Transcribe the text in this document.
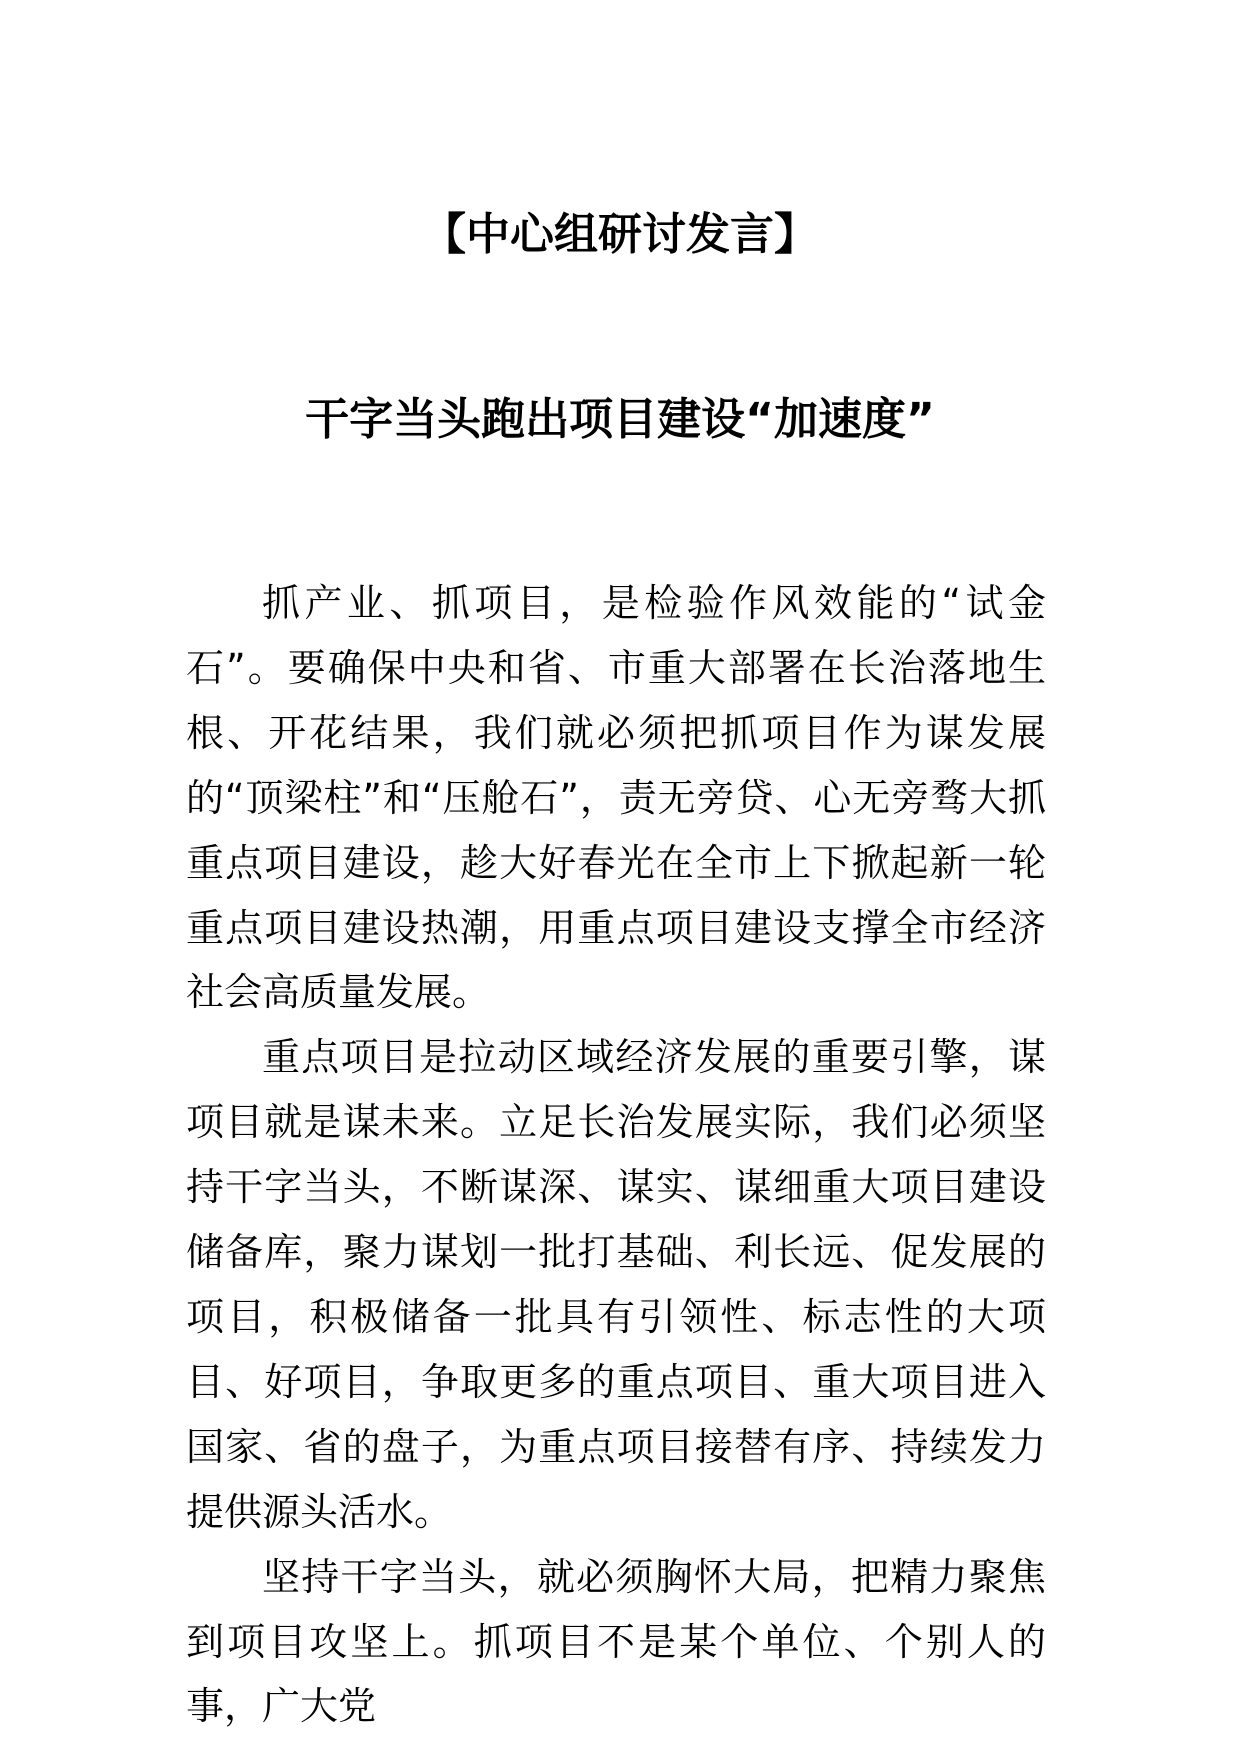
【中心组研讨发言】
干字当头跑出项目建设“加速度”

抓产业、抓项目，是检验作风效能的“试金石”。要确保中央和省、市重大部署在长治落地生根、开花结果，我们就必须把抓项目作为谋发展的“顶梁柱”和“压舱石”，责无旁贷、心无旁骛大抓重点项目建设，趁大好春光在全市上下掀起新一轮重点项目建设热潮，用重点项目建设支撑全市经济社会高质量发展。

重点项目是拉动区域经济发展的重要引擎，谋项目就是谋未来。立足长治发展实际，我们必须坚持干字当头，不断谋深、谋实、谋细重大项目建设储备库，聚力谋划一批打基础、利长远、促发展的项目，积极储备一批具有引领性、标志性的大项目、好项目，争取更多的重点项目、重大项目进入国家、省的盘子，为重点项目接替有序、持续发力提供源头活水。

坚持干字当头，就必须胸怀大局，把精力聚焦到项目攻坚上。抓项目不是某个单位、个别人的事，广大党
